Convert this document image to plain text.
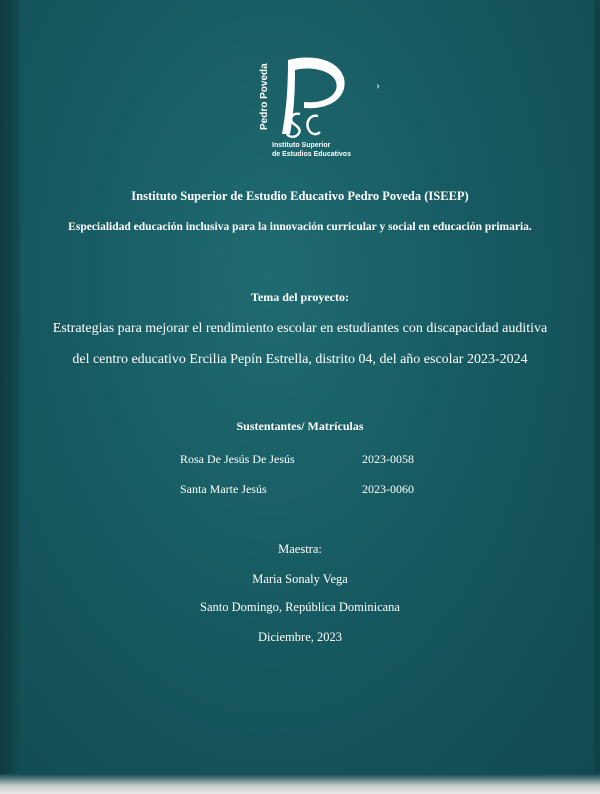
Pedro Poveda
Instituto Superior
de Estudios Educativos
›
Instituto Superior de Estudio Educativo Pedro Poveda (ISEEP)
Especialidad educación inclusiva para la innovación curricular y social en educación primaria.
Tema del proyecto:
Estrategias para mejorar el rendimiento escolar en estudiantes con discapacidad auditiva
del centro educativo Ercilia Pepín Estrella, distrito 04, del año escolar 2023-2024
Sustentantes/ Matrículas
Rosa De Jesús De Jesús	2023-0058
Santa Marte Jesús	2023-0060
Maestra:
Maria Sonaly Vega
Santo Domingo, República Dominicana
Diciembre, 2023
